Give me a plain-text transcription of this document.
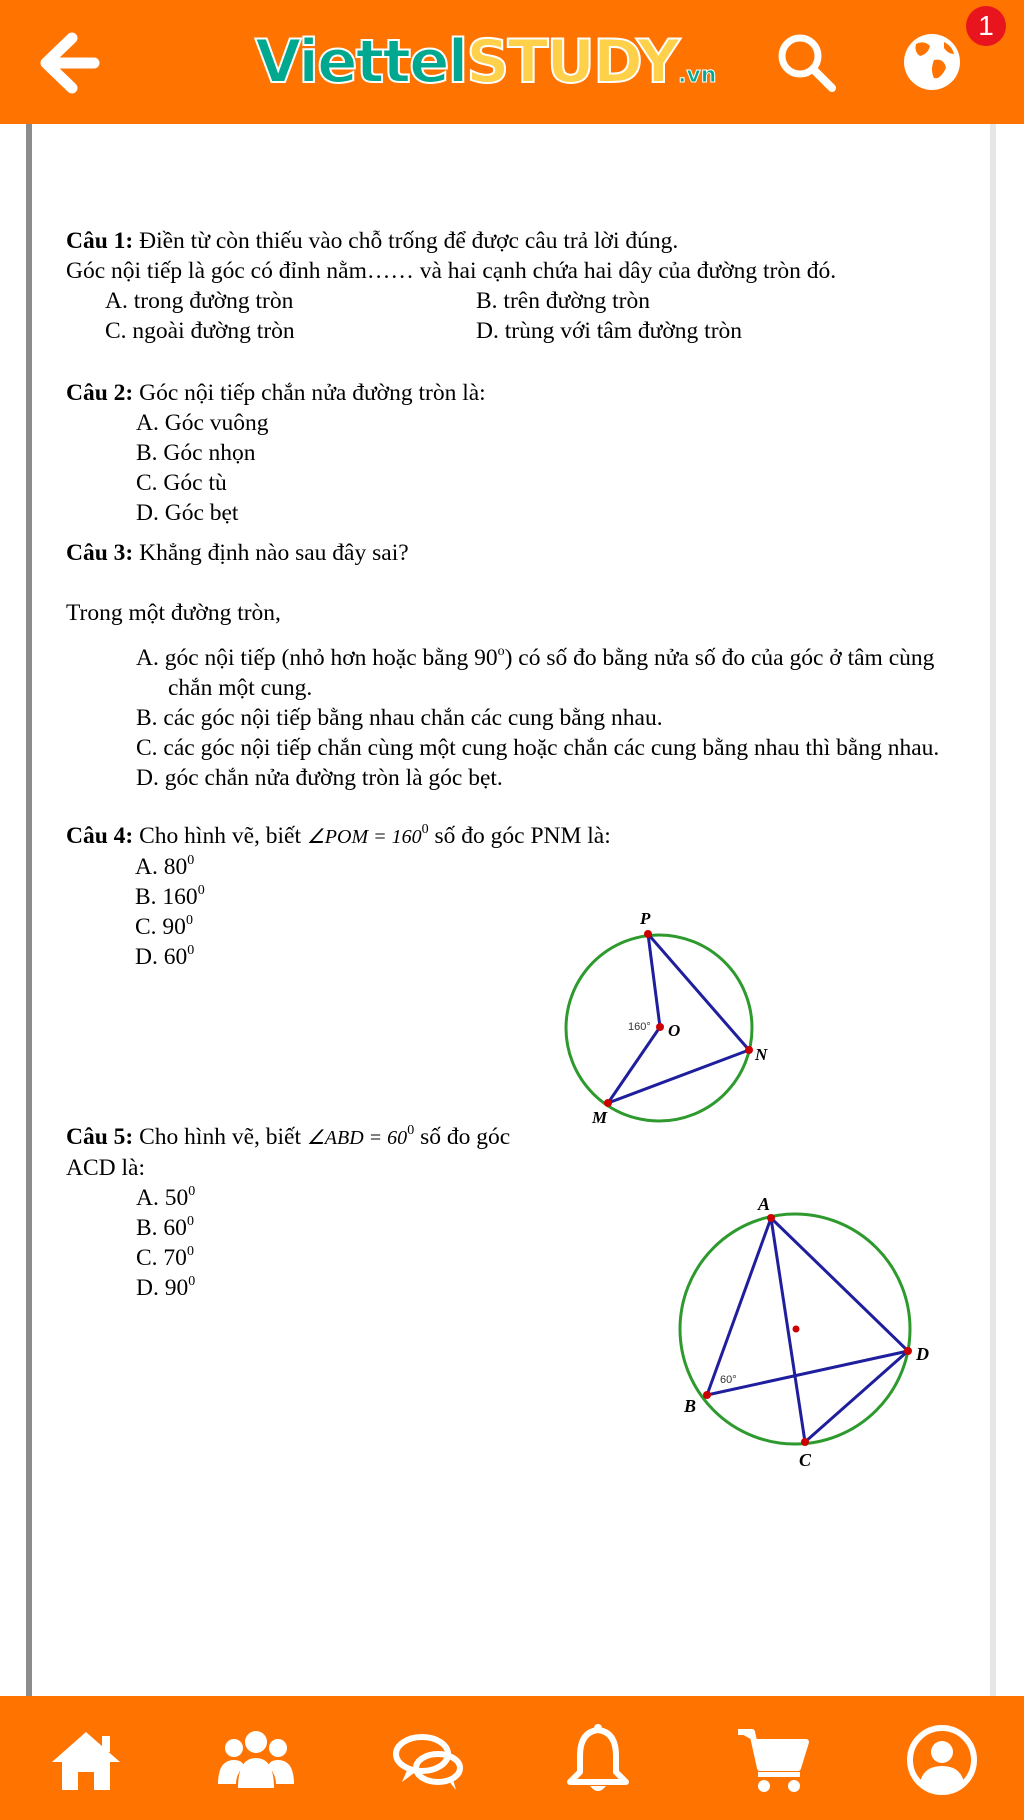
Viettel STUDY .vn
1
Câu 1: Điền từ còn thiếu vào chỗ trống để được câu trả lời đúng.
Góc nội tiếp là góc có đỉnh nằm…… và hai cạnh chứa hai dây của đường tròn đó.
A. trong đường tròn	B. trên đường tròn
C. ngoài đường tròn	D. trùng với tâm đường tròn
Câu 2: Góc nội tiếp chắn nửa đường tròn là:
A. Góc vuông
B. Góc nhọn
C. Góc tù
D. Góc bẹt
Câu 3: Khẳng định nào sau đây sai?
Trong một đường tròn,
A. góc nội tiếp (nhỏ hơn hoặc bằng 90$^o$) có số đo bằng nửa số đo của góc ở tâm cùng chắn một cung.
B. các góc nội tiếp bằng nhau chắn các cung bằng nhau.
C. các góc nội tiếp chắn cùng một cung hoặc chắn các cung bằng nhau thì bằng nhau.
D. góc chắn nửa đường tròn là góc bẹt.
Câu 4: Cho hình vẽ, biết ∠POM = $160^0$ số đo góc PNM là:
A. $80^0$
B. $160^0$
C. $90^0$
D. $60^0$
Câu 5: Cho hình vẽ, biết ∠ABD = $60^0$ số đo góc
ACD là:
A. $50^0$
B. $60^0$
C. $70^0$
D. $90^0$
P
O
N
M
160°
A
B
C
D
60°
